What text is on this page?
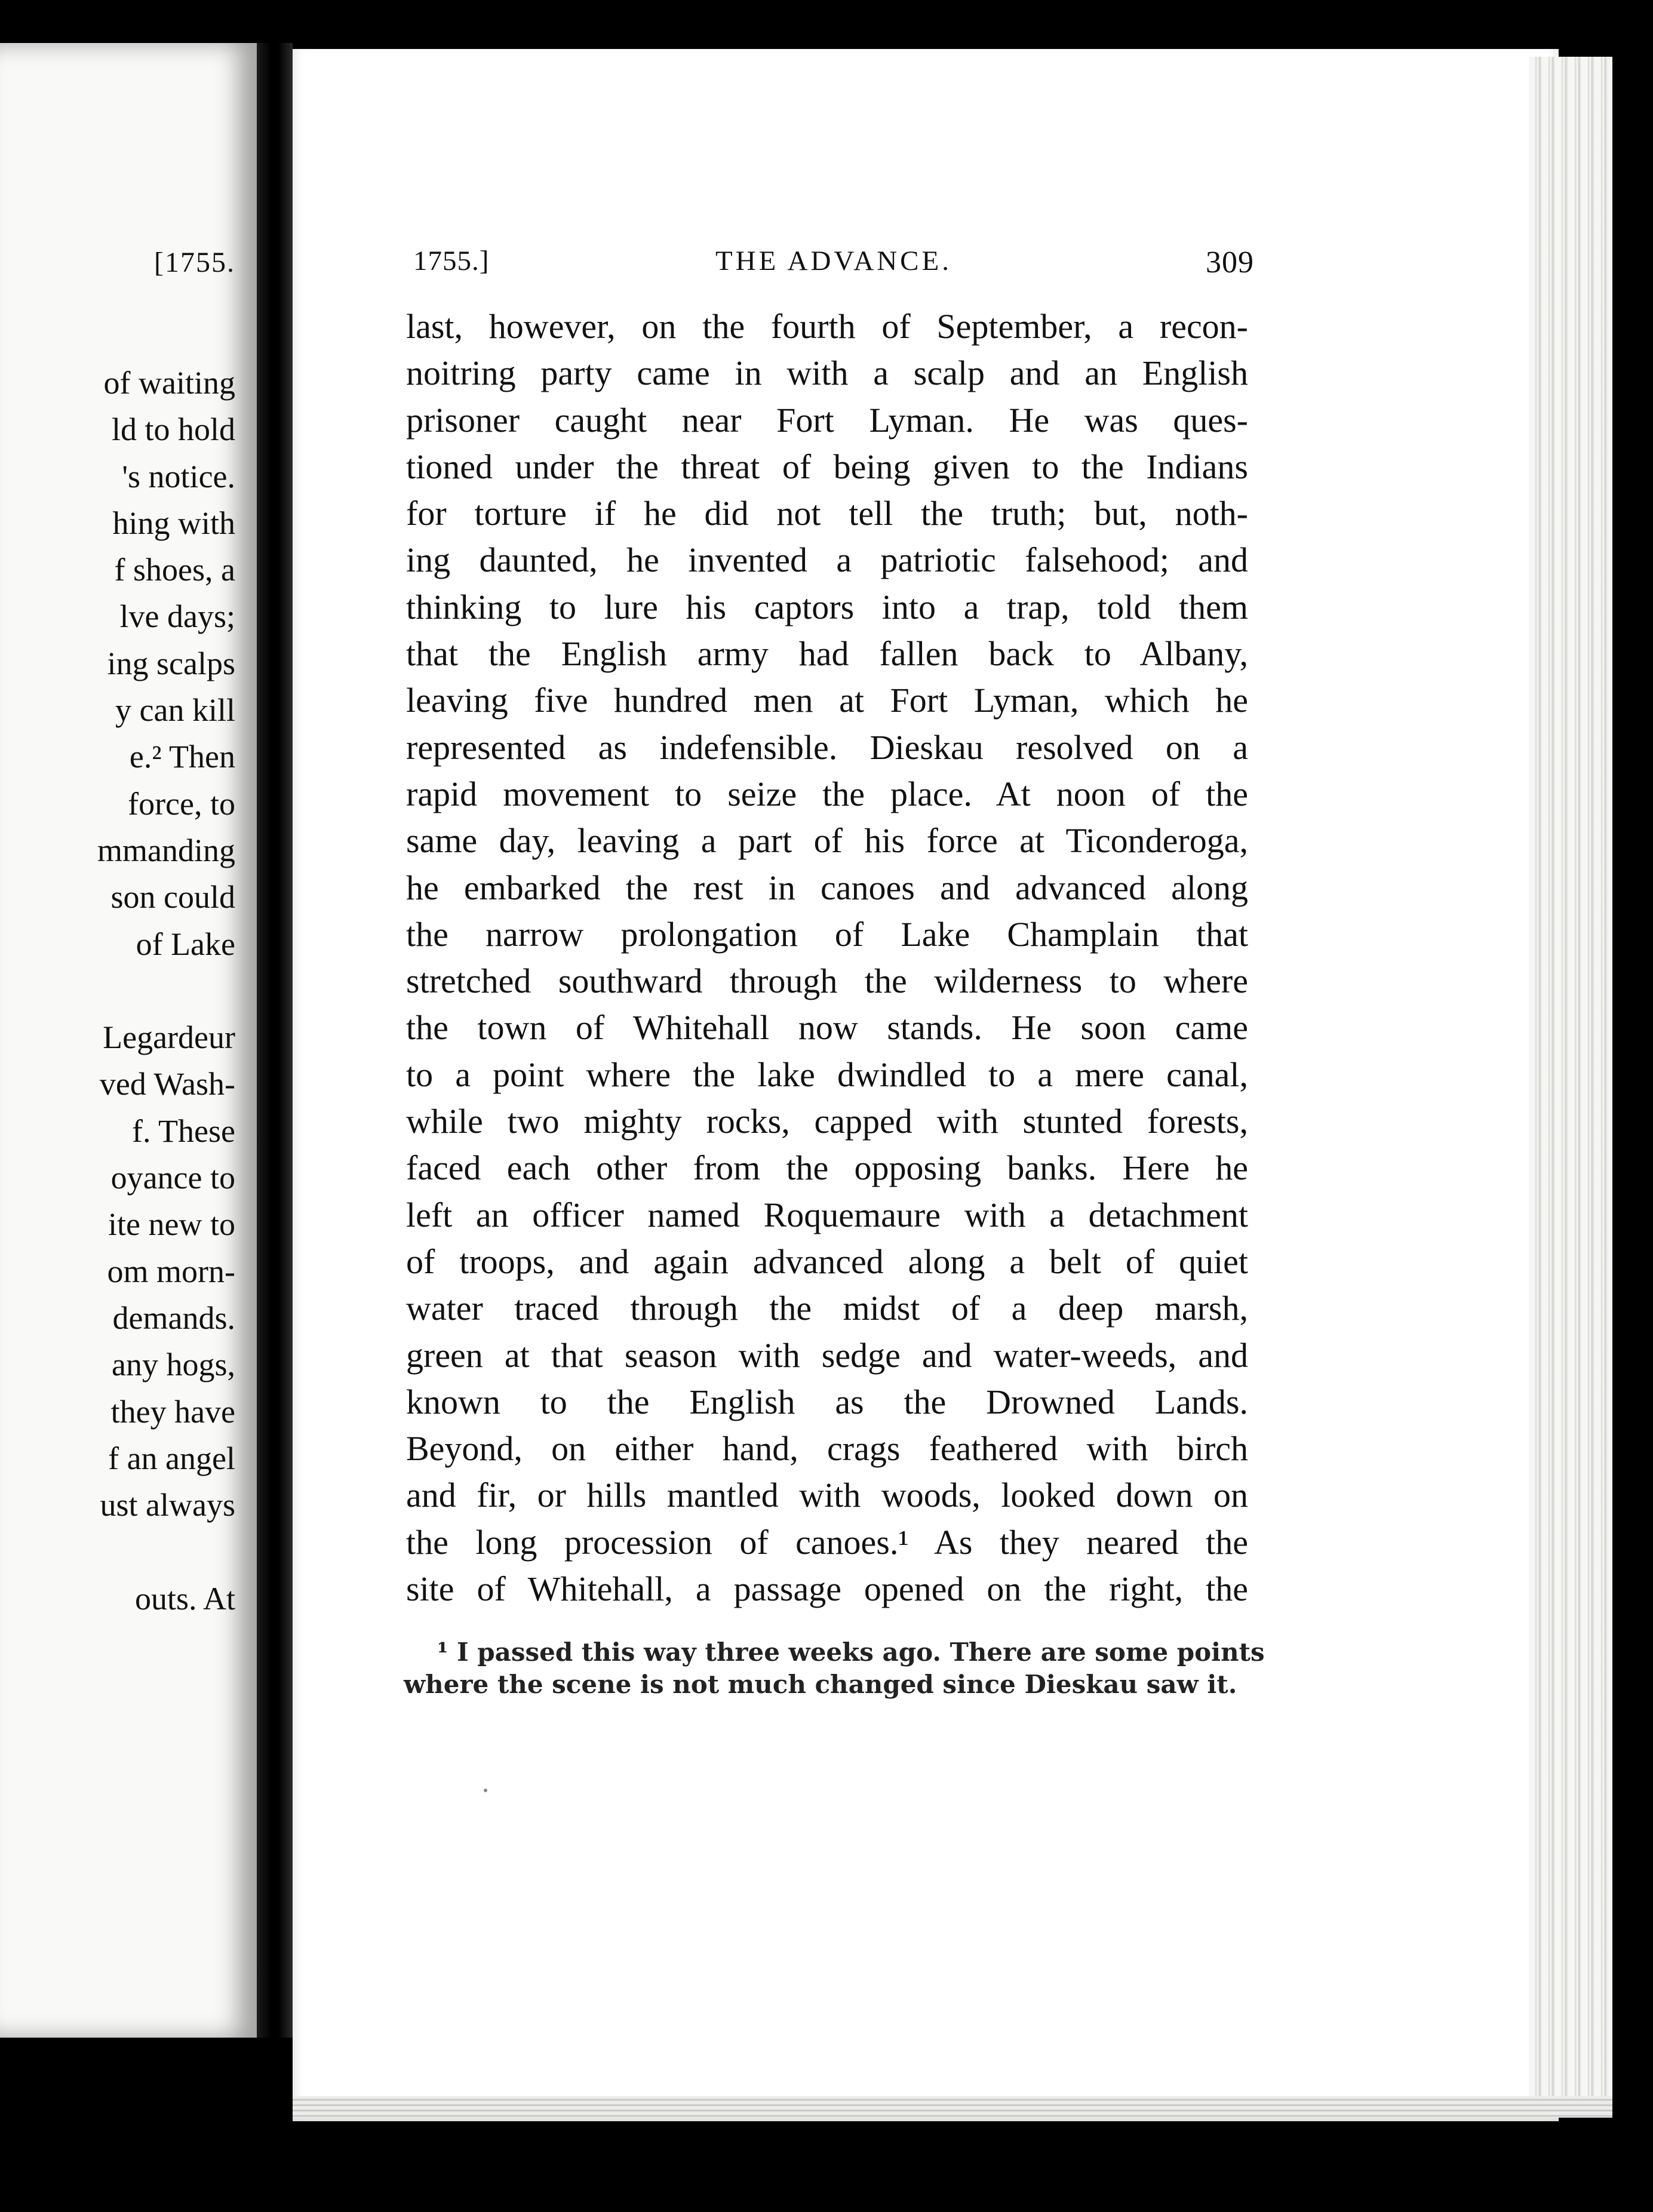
[1755.
of waiting
ld to hold
's notice.
hing with
f shoes, a
lve days;
ing scalps
y can kill
e.² Then
force, to
mmanding
son could
of Lake
Legardeur
ved Wash-
f. These
oyance to
ite new to
om morn-
demands.
any hogs,
they have
f an angel
ust always
outs. At
1755.]	THE ADVANCE.	309
last, however, on the fourth of September, a recon-
noitring party came in with a scalp and an English
prisoner caught near Fort Lyman. He was ques-
tioned under the threat of being given to the Indians
for torture if he did not tell the truth; but, noth-
ing daunted, he invented a patriotic falsehood; and
thinking to lure his captors into a trap, told them
that the English army had fallen back to Albany,
leaving five hundred men at Fort Lyman, which he
represented as indefensible. Dieskau resolved on a
rapid movement to seize the place. At noon of the
same day, leaving a part of his force at Ticonderoga,
he embarked the rest in canoes and advanced along
the narrow prolongation of Lake Champlain that
stretched southward through the wilderness to where
the town of Whitehall now stands. He soon came
to a point where the lake dwindled to a mere canal,
while two mighty rocks, capped with stunted forests,
faced each other from the opposing banks. Here he
left an officer named Roquemaure with a detachment
of troops, and again advanced along a belt of quiet
water traced through the midst of a deep marsh,
green at that season with sedge and water-weeds, and
known to the English as the Drowned Lands.
Beyond, on either hand, crags feathered with birch
and fir, or hills mantled with woods, looked down on
the long procession of canoes.¹ As they neared the
site of Whitehall, a passage opened on the right, the
¹ I passed this way three weeks ago. There are some points
where the scene is not much changed since Dieskau saw it.
